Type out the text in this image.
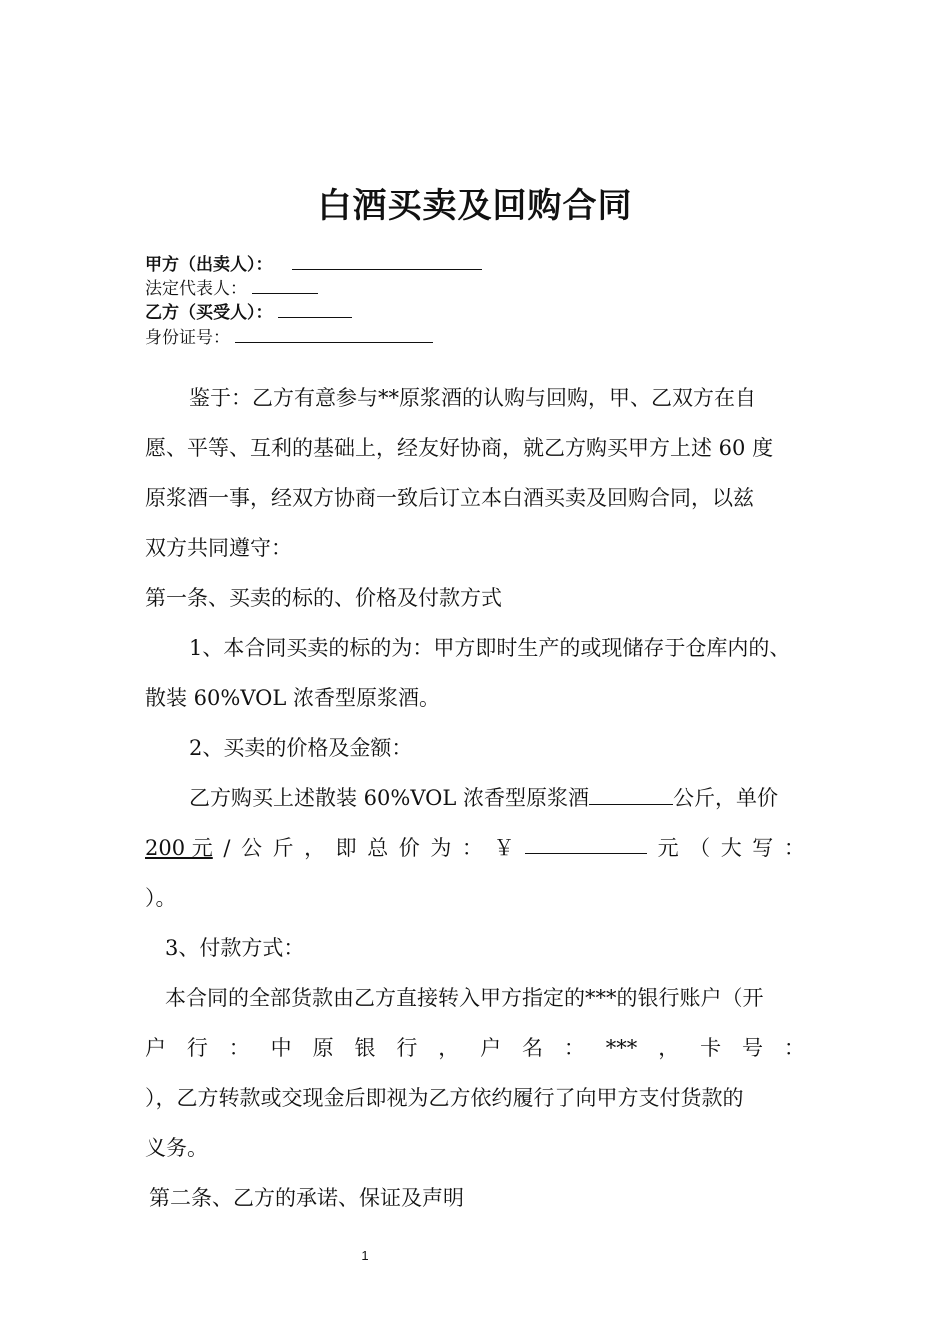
白酒买卖及回购合同
甲方（出卖人）：
法定代表人：
乙方（买受人）：
身份证号：
鉴于：乙方有意参与**原浆酒的认购与回购，甲、乙双方在自
愿、平等、互利的基础上，经友好协商，就乙方购买甲方上述 60 度
原浆酒一事，经双方协商一致后订立本白酒买卖及回购合同，以兹
双方共同遵守：
第一条、买卖的标的、价格及付款方式
1、本合同买卖的标的为：甲方即时生产的或现储存于仓库内的、
散装 60%VOL 浓香型原浆酒。
2、买卖的价格及金额：
乙方购买上述散装 60%VOL 浓香型原浆酒	公斤，单价
200 元 / 公 斤 ， 即 总 价 为 ： ￥	元 （ 大 写 ：
）。
3、付款方式：
本合同的全部货款由乙方直接转入甲方指定的***的银行账户（开
户 行 ： 中 原 银 行 ， 户 名 ： *** ， 卡 号 ：
），乙方转款或交现金后即视为乙方依约履行了向甲方支付货款的
义务。
第二条、乙方的承诺、保证及声明
1
